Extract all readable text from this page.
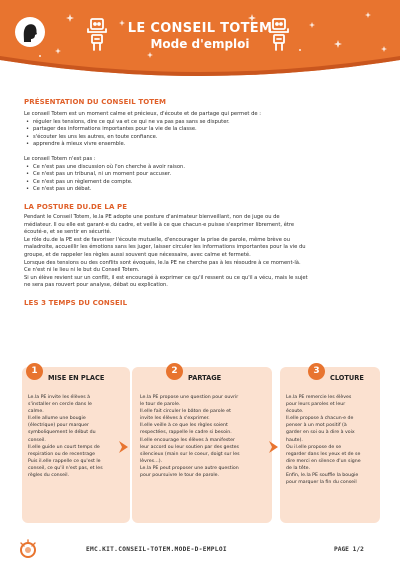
LE CONSEIL TOTEM
Mode d'emploi
PRÉSENTATION DU CONSEIL TOTEM

Le conseil Totem est un moment calme et précieux, d'écoute et de partage qui permet de :

• réguler les tensions, dire ce qui va et ce qui ne va pas pas sans se disputer.
• partager des informations importantes pour la vie de la classe.
• s'écouter les uns les autres, en toute confiance.
• apprendre à mieux vivre ensemble.

Le conseil Totem n'est pas :

• Ce n'est pas une discussion où l'on cherche à avoir raison.
• Ce n'est pas un tribunal, ni un moment pour accuser.
• Ce n'est pas un règlement de compte.
• Ce n'est pas un débat.
LA POSTURE DU.DE LA PE
Pendant le Conseil Totem, le.la PE adopte une posture d'animateur bienveillant, non de juge ou de
médiateur. Il ou elle est garant·e du cadre, et veille à ce que chacun·e puisse s'exprimer librement, être
écouté·e, et se sentir en sécurité.
Le rôle du.de la PE est de favoriser l'écoute mutuelle, d'encourager la prise de parole, même brève ou
maladroite, accueillir les émotions sans les juger, laisser circuler les informations importantes pour la vie du
groupe, et de rappeler les règles aussi souvent que nécessaire, avec calme et fermeté.
Lorsque des tensions ou des conflits sont évoqués, le.la PE ne cherche pas à les résoudre à ce moment-là.
Ce n'est ni le lieu ni le but du Conseil Totem.
Si un élève revient sur un conflit, il est encouragé à exprimer ce qu'il ressent ou ce qu'il a vécu, mais le sujet
ne sera pas rouvert pour analyse, débat ou explication.
LES 3 TEMPS DU CONSEIL
1
MISE EN PLACE

Le.la PE invite les élèves à

s'installer en cercle dans le

calme.

Il.elle allume une bougie

(électrique) pour marquer

symboliquement le début du

conseil.

Il.elle guide un court temps de

respiration ou de recentrage

Puis il.elle rappelle ce qu'est le

conseil, ce qu'il n'est pas, et les

règles du conseil.

2
PARTAGE

Le.la PE propose une question pour ouvrir

le tour de parole.

Il.elle fait circuler le bâton de parole et

invite les élèves à s'exprimer.

Il.elle veille à ce que les règles soient

respectées, rappelle le cadre si besoin.

Il.elle encourage les élèves à manifester

leur accord ou leur soutien par des gestes

silencieux (main sur le coeur, doigt sur les

lèvres…).

Le.la PE peut proposer une autre question

pour poursuivre le tour de parole.

3
CLOTURE

Le.la PE remercie les élèves

pour leurs paroles et leur

écoute.

Il.elle propose à chacun·e de

penser à un mot positif (à

garder en soi ou à dire à voix

haute).

Ou il.elle propose de se

regarder dans les yeux et de se

dire merci en silence d'un signe

de la tête.

Enfin, le.la PE souffle la bougie

pour marquer la fin du conseil

EMC.KIT.CONSEIL-TOTEM.MODE-D-EMPLOI	PAGE 1/2
